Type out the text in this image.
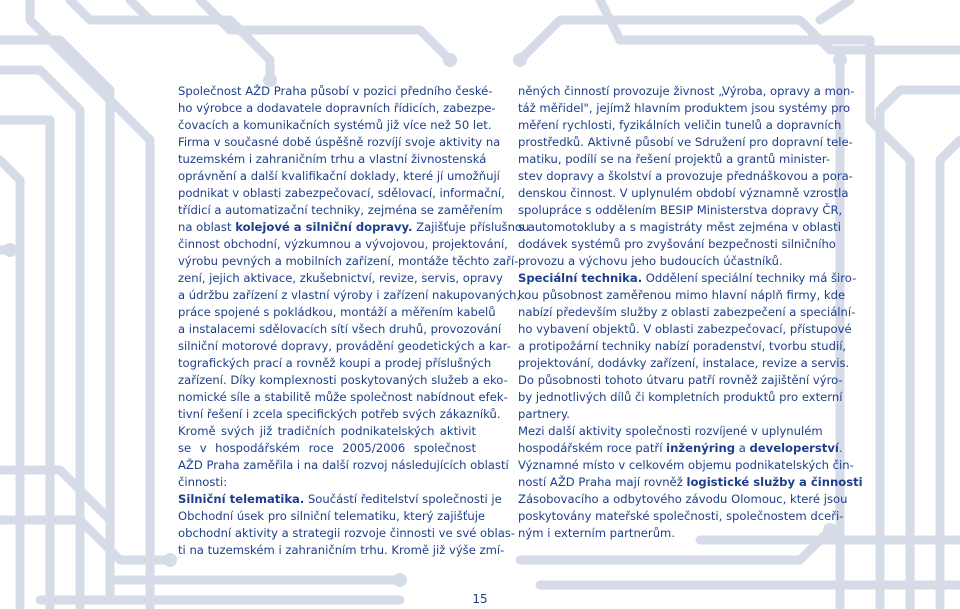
Společnost AŽD Praha působí v pozici předního české-
ho výrobce a dodavatele dopravních řídicích, zabezpe-
čovacích a komunikačních systémů již více než 50 let.
Firma v současné době úspěšně rozvíjí svoje aktivity na
tuzemském i zahraničním trhu a vlastní živnostenská
oprávnění a další kvalifikační doklady, které jí umožňují
podnikat v oblasti zabezpečovací, sdělovací, informační,
třídicí a automatizační techniky, zejména se zaměřením
na oblast kolejové a silniční dopravy. Zajišťuje příslušnou
činnost obchodní, výzkumnou a vývojovou, projektování,
výrobu pevných a mobilních zařízení, montáže těchto zaří-
zení, jejich aktivace, zkušebnictví, revize, servis, opravy
a údržbu zařízení z vlastní výroby i zařízení nakupovaných,
práce spojené s pokládkou, montáží a měřením kabelů
a instalacemi sdělovacích sítí všech druhů, provozování
silniční motorové dopravy, provádění geodetických a kar-
tografických prací a rovněž koupi a prodej příslušných
zařízení. Díky komplexnosti poskytovaných služeb a eko-
nomické síle a stabilitě může společnost nabídnout efek-
tivní řešení i zcela specifických potřeb svých zákazníků.
Kromě svých již tradičních podnikatelských aktivit
se v hospodářském roce 2005/2006 společnost
AŽD Praha zaměřila i na další rozvoj následujících oblastí
činnosti:
Silniční telematika. Součástí ředitelství společnosti je
Obchodní úsek pro silniční telematiku, který zajišťuje
obchodní aktivity a strategii rozvoje činnosti ve své oblas-
ti na tuzemském i zahraničním trhu. Kromě již výše zmí-
něných činností provozuje živnost „Výroba, opravy a mon-
táž měřidel", jejímž hlavním produktem jsou systémy pro
měření rychlosti, fyzikálních veličin tunelů a dopravních
prostředků. Aktivně působí ve Sdružení pro dopravní tele-
matiku, podílí se na řešení projektů a grantů minister-
stev dopravy a školství a provozuje přednáškovou a pora-
denskou činnost. V uplynulém období významně vzrostla
spolupráce s oddělením BESIP Ministerstva dopravy ČR,
s automotokluby a s magistráty měst zejména v oblasti
dodávek systémů pro zvyšování bezpečnosti silničního
provozu a výchovu jeho budoucích účastníků.
Speciální technika. Oddělení speciální techniky má širo-
kou působnost zaměřenou mimo hlavní náplň firmy, kde
nabízí především služby z oblasti zabezpečení a speciální-
ho vybavení objektů. V oblasti zabezpečovací, přístupové
a protipožární techniky nabízí poradenství, tvorbu studií,
projektování, dodávky zařízení, instalace, revize a servis.
Do působnosti tohoto útvaru patří rovněž zajištění výro-
by jednotlivých dílů či kompletních produktů pro externí
partnery.
Mezi další aktivity společnosti rozvíjené v uplynulém
hospodářském roce patří inženýring a developerství.
Významné místo v celkovém objemu podnikatelských čin-
ností AŽD Praha mají rovněž logistické služby a činnosti
Zásobovacího a odbytového závodu Olomouc, které jsou
poskytovány mateřské společnosti, společnostem dceři-
ným i externím partnerům.
15
